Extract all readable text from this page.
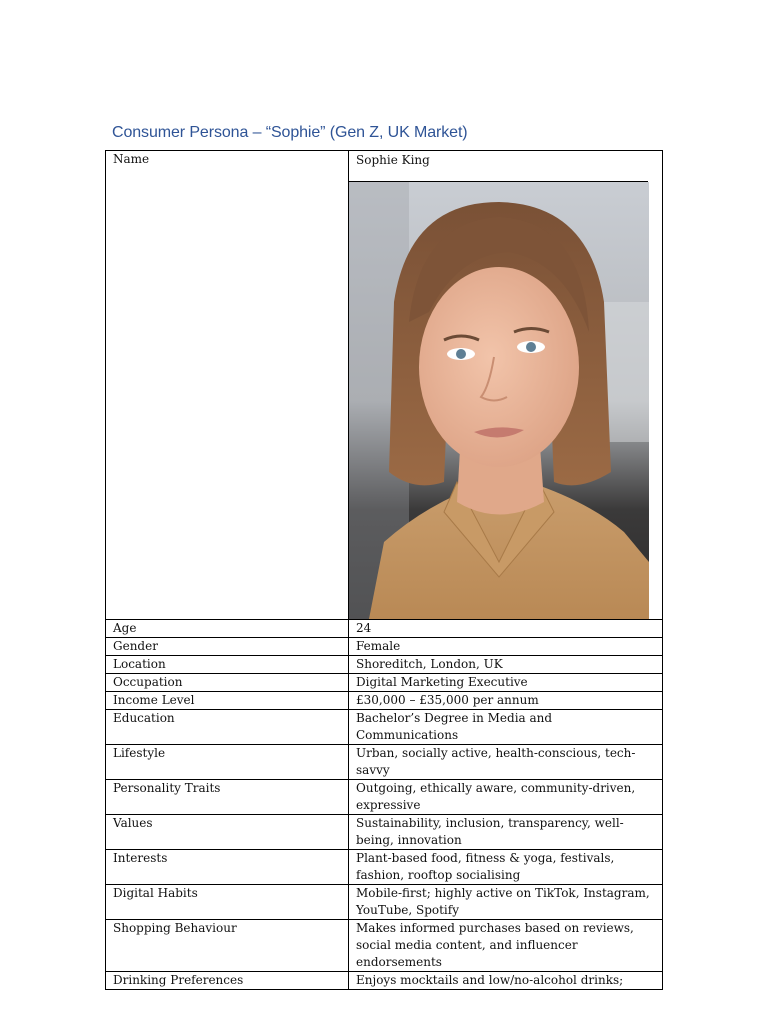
Consumer Persona – “Sophie” (Gen Z, UK Market)
Name	Sophie King

Age	24
Gender	Female
Location	Shoreditch, London, UK
Occupation	Digital Marketing Executive
Income Level	£30,000 – £35,000 per annum
Education	Bachelor’s Degree in Media and Communications
Lifestyle	Urban, socially active, health-conscious, tech-savvy
Personality Traits	Outgoing, ethically aware, community-driven, expressive
Values	Sustainability, inclusion, transparency, well-being, innovation
Interests	Plant-based food, fitness & yoga, festivals, fashion, rooftop socialising
Digital Habits	Mobile-first; highly active on TikTok, Instagram, YouTube, Spotify
Shopping Behaviour	Makes informed purchases based on reviews, social media content, and influencer endorsements
Drinking Preferences	Enjoys mocktails and low/no-alcohol drinks;
